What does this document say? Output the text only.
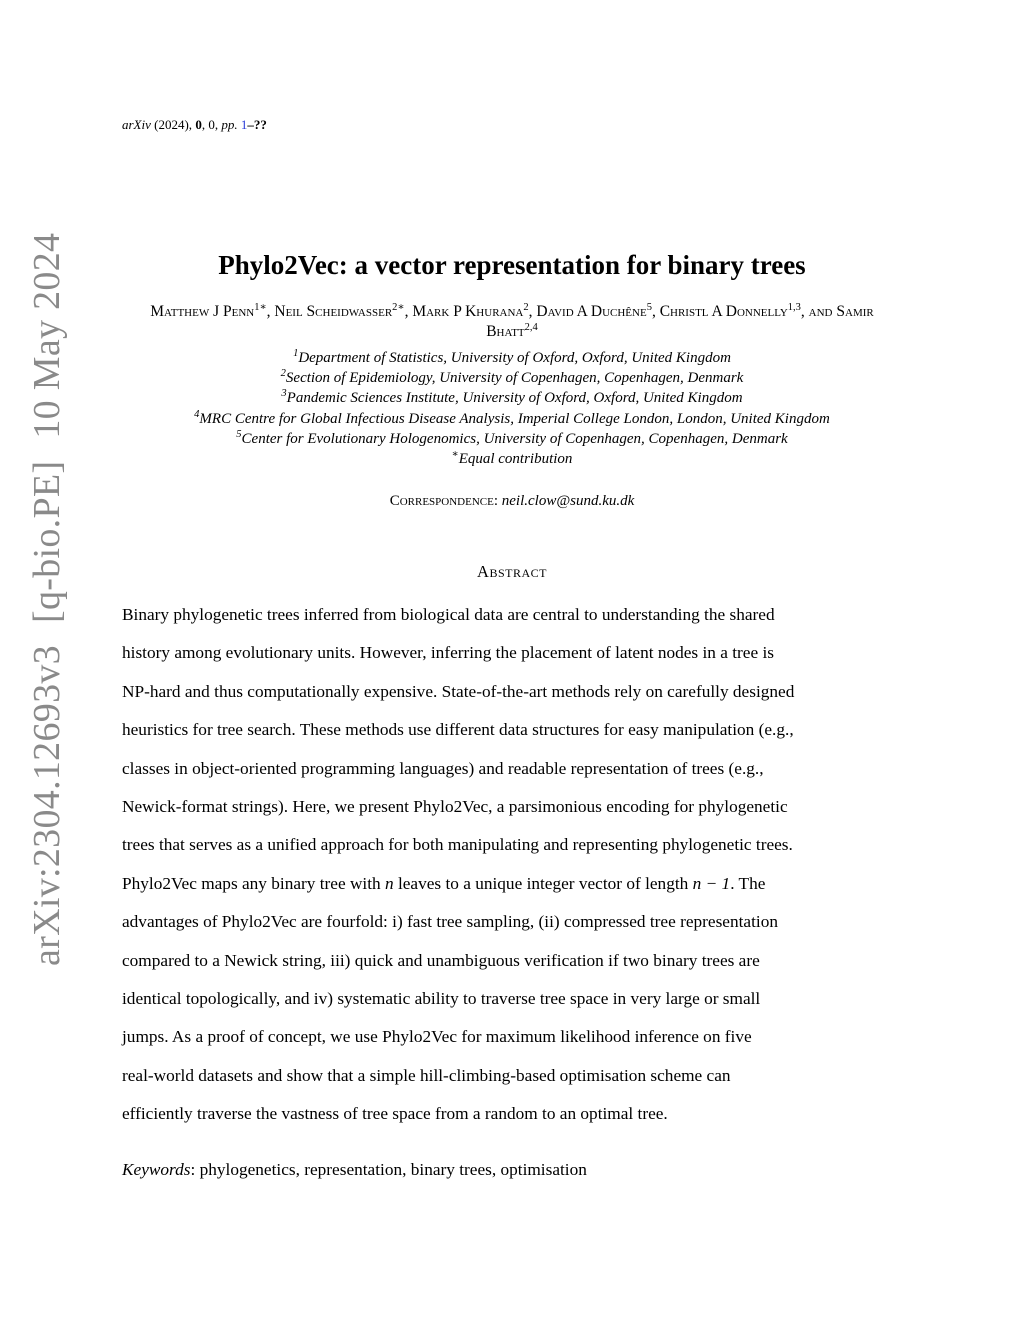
arXiv (2024), 0, 0, pp. 1–??
arXiv:2304.12693v3[q-bio.PE]10 May 2024	Phylo2Vec: a vector representation for binary trees
Matthew J Penn$^{1∗}$, Neil Scheidwasser$^{2∗}$, Mark P Khurana$^2$, David A Duchêne$^5$, Christl A Donnelly$^{1,3}$, and Samir Bhatt$^{2,4}$
$^1$Department of Statistics, University of Oxford, Oxford, United Kingdom
$^2$Section of Epidemiology, University of Copenhagen, Copenhagen, Denmark
$^3$Pandemic Sciences Institute, University of Oxford, Oxford, United Kingdom
$^4$MRC Centre for Global Infectious Disease Analysis, Imperial College London, London, United Kingdom
$^5$Center for Evolutionary Hologenomics, University of Copenhagen, Copenhagen, Denmark
∗Equal contribution
Correspondence: neil.clow@sund.ku.dk
Abstract
Binary phylogenetic trees inferred from biological data are central to understanding the shared
history among evolutionary units. However, inferring the placement of latent nodes in a tree is
NP-hard and thus computationally expensive. State-of-the-art methods rely on carefully designed
heuristics for tree search. These methods use different data structures for easy manipulation (e.g.,
classes in object-oriented programming languages) and readable representation of trees (e.g.,
Newick-format strings). Here, we present Phylo2Vec, a parsimonious encoding for phylogenetic
trees that serves as a unified approach for both manipulating and representing phylogenetic trees.
Phylo2Vec maps any binary tree with n leaves to a unique integer vector of length n − 1. The
advantages of Phylo2Vec are fourfold: i) fast tree sampling, (ii) compressed tree representation
compared to a Newick string, iii) quick and unambiguous verification if two binary trees are
identical topologically, and iv) systematic ability to traverse tree space in very large or small
jumps. As a proof of concept, we use Phylo2Vec for maximum likelihood inference on five
real-world datasets and show that a simple hill-climbing-based optimisation scheme can
efficiently traverse the vastness of tree space from a random to an optimal tree.
Keywords: phylogenetics, representation, binary trees, optimisation
